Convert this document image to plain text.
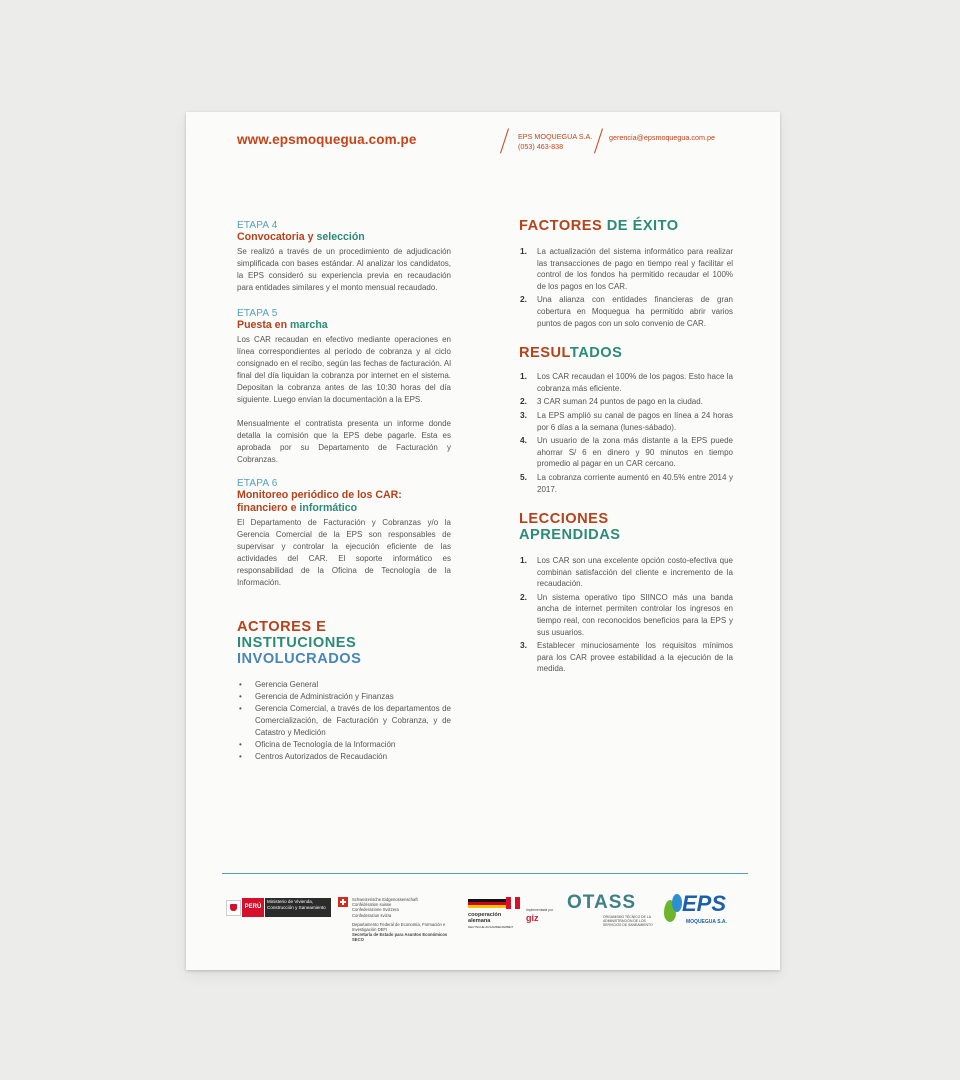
www.epsmoquegua.com.pe	EPS MOQUEGUA S.A.
(053) 463-838
gerencia@epsmoquegua.com.pe
ETAPA 4
Convocatoria y selección
Se realizó a través de un procedimiento de adjudicación simplificada con bases estándar. Al analizar los candidatos, la EPS consideró su experiencia previa en recaudación para entidades similares y el monto mensual recaudado.
ETAPA 5
Puesta en marcha
Los CAR recaudan en efectivo mediante operaciones en línea correspondientes al período de cobranza y al ciclo consignado en el recibo, según las fechas de facturación. Al final del día liquidan la cobranza por internet en el sistema. Depositan la cobranza antes de las 10:30 horas del día siguiente. Luego envían la documentación a la EPS.
Mensualmente el contratista presenta un informe donde detalla la comisión que la EPS debe pagarle. Esta es aprobada por su Departamento de Facturación y Cobranzas.
ETAPA 6
Monitoreo periódico de los CAR:
financiero e informático
El Departamento de Facturación y Cobranzas y/o la Gerencia Comercial de la EPS son responsables de supervisar y controlar la ejecución eficiente de las actividades del CAR. El soporte informático es responsabilidad de la Oficina de Tecnología de la Información.
ACTORES E
INSTITUCIONES
INVOLUCRADOS
• Gerencia General
• Gerencia de Administración y Finanzas
• Gerencia Comercial, a través de los departamentos de Comercialización, de Facturación y Cobranza, y de Catastro y Medición
• Oficina de Tecnología de la Información
• Centros Autorizados de Recaudación
FACTORES DE ÉXITO
1. La actualización del sistema informático para realizar las transacciones de pago en tiempo real y facilitar el control de los fondos ha permitido recaudar el 100% de los pagos en los CAR.
2. Una alianza con entidades financieras de gran cobertura en Moquegua ha permitido abrir varios puntos de pagos con un solo convenio de CAR.
RESULTADOS
1. Los CAR recaudan el 100% de los pagos. Esto hace la cobranza más eficiente.
2. 3 CAR suman 24 puntos de pago en la ciudad.
3. La EPS amplió su canal de pagos en línea a 24 horas por 6 días a la semana (lunes-sábado).
4. Un usuario de la zona más distante a la EPS puede ahorrar S/ 6 en dinero y 90 minutos en tiempo promedio al pagar en un CAR cercano.
5. La cobranza corriente aumentó en 40.5% entre 2014 y 2017.
LECCIONES
APRENDIDAS
1. Los CAR son una excelente opción costo-efectiva que combinan satisfacción del cliente e incremento de la recaudación.
2. Un sistema operativo tipo SIINCO más una banda ancha de internet permiten controlar los ingresos en tiempo real, con reconocidos beneficios para la EPS y sus usuarios.
3. Establecer minuciosamente los requisitos mínimos para los CAR provee estabilidad a la ejecución de la medida.
PERÚ
Ministerio de Vivienda, Construcción y Saneamiento
Schweizerische Eidgenossenschaft
Confédération suisse
Confederazione Svizzera
Confederaziun svizra
Departamento Federal de Economía, Formación e Investigación DEFI
Secretaría de Estado para Asuntos Económicos SECO
cooperación
alemana
DEUTSCHE ZUSAMMENARBEIT
implementada por
giz
OTASS
ORGANISMO TÉCNICO DE LA ADMINISTRACIÓN DE LOS SERVICIOS DE SANEAMIENTO
EPS
MOQUEGUA S.A.
